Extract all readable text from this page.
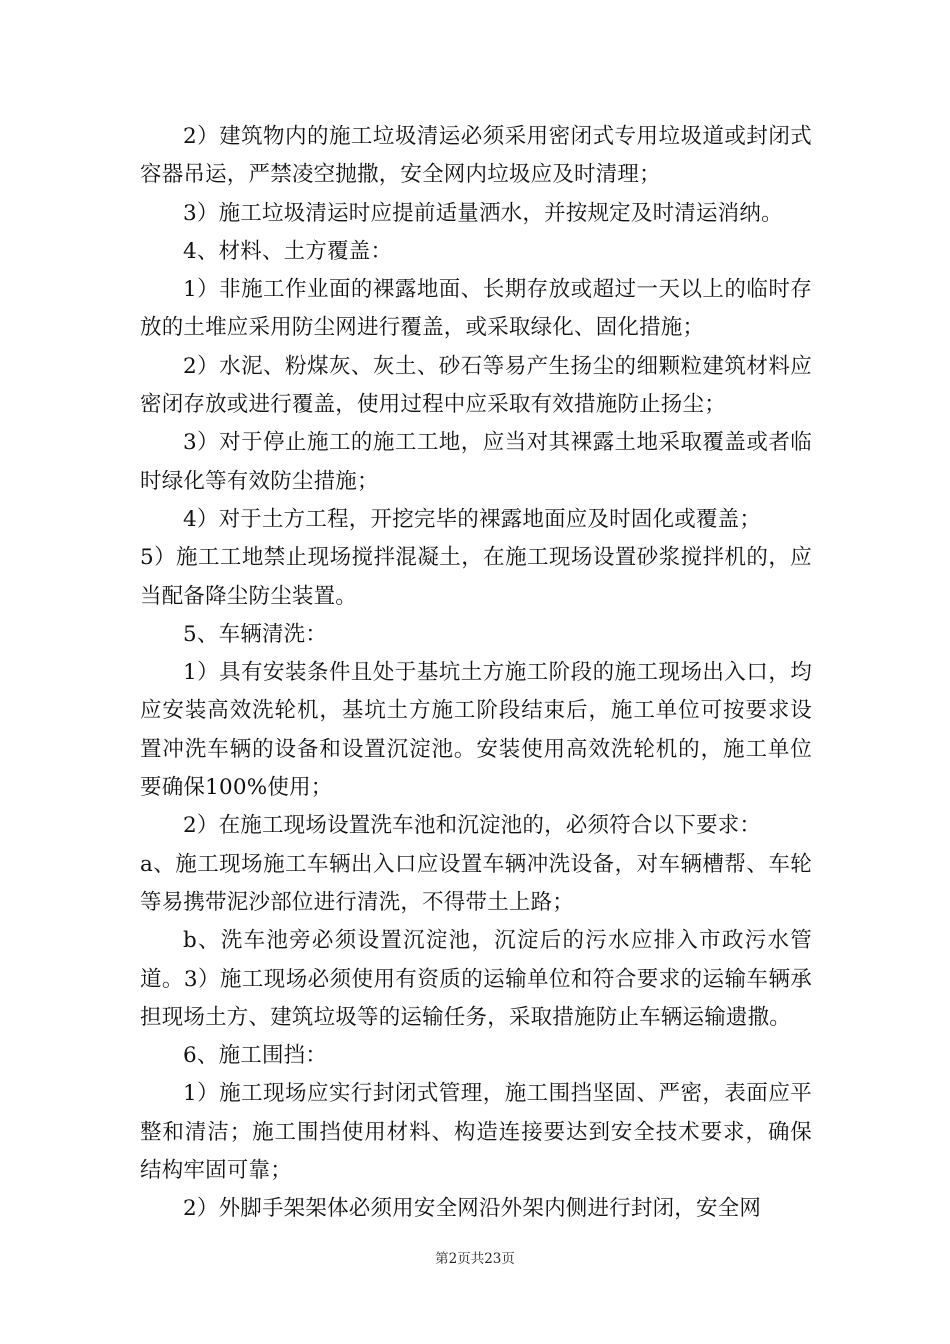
2）建筑物内的施工垃圾清运必须采用密闭式专用垃圾道或封闭式容器吊运，严禁凌空抛撒，安全网内垃圾应及时清理；

3）施工垃圾清运时应提前适量洒水，并按规定及时清运消纳。

4、材料、土方覆盖：

1）非施工作业面的裸露地面、长期存放或超过一天以上的临时存放的土堆应采用防尘网进行覆盖，或采取绿化、固化措施；

2）水泥、粉煤灰、灰土、砂石等易产生扬尘的细颗粒建筑材料应密闭存放或进行覆盖，使用过程中应采取有效措施防止扬尘；

3）对于停止施工的施工工地，应当对其裸露土地采取覆盖或者临时绿化等有效防尘措施；

4）对于土方工程，开挖完毕的裸露地面应及时固化或覆盖；

5）施工工地禁止现场搅拌混凝土，在施工现场设置砂浆搅拌机的，应当配备降尘防尘装置。

5、车辆清洗：

1）具有安装条件且处于基坑土方施工阶段的施工现场出入口，均应安装高效洗轮机，基坑土方施工阶段结束后，施工单位可按要求设置冲洗车辆的设备和设置沉淀池。安装使用高效洗轮机的，施工单位要确保100%使用；

2）在施工现场设置洗车池和沉淀池的，必须符合以下要求：

a、施工现场施工车辆出入口应设置车辆冲洗设备，对车辆槽帮、车轮等易携带泥沙部位进行清洗，不得带土上路；

b、洗车池旁必须设置沉淀池，沉淀后的污水应排入市政污水管道。3）施工现场必须使用有资质的运输单位和符合要求的运输车辆承担现场土方、建筑垃圾等的运输任务，采取措施防止车辆运输遗撒。

6、施工围挡：

1）施工现场应实行封闭式管理，施工围挡坚固、严密，表面应平整和清洁；施工围挡使用材料、构造连接要达到安全技术要求，确保结构牢固可靠；

2）外脚手架架体必须用安全网沿外架内侧进行封闭，安全网

第2页共23页
